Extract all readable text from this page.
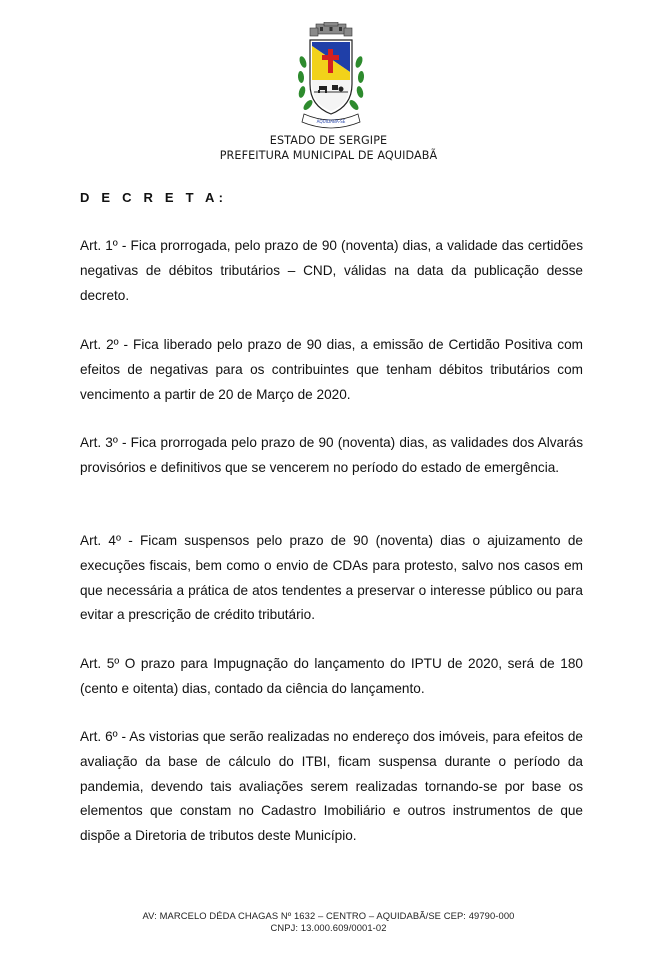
AQUIDABÃ-SE
ESTADO DE SERGIPE
PREFEITURA MUNICIPAL DE AQUIDABÃ
D E C R E T A:
Art. 1º - Fica prorrogada, pelo prazo de 90 (noventa) dias, a validade das certidões negativas de débitos tributários – CND, válidas na data da publicação desse decreto.
Art. 2º - Fica liberado pelo prazo de 90 dias, a emissão de Certidão Positiva com efeitos de negativas para os contribuintes que tenham débitos tributários com vencimento a partir de 20 de Março de 2020.
Art. 3º - Fica prorrogada pelo prazo de 90 (noventa) dias, as validades dos Alvarás provisórios e definitivos que se vencerem no período do estado de emergência.
Art. 4º - Ficam suspensos pelo prazo de 90 (noventa) dias o ajuizamento de execuções fiscais, bem como o envio de CDAs para protesto, salvo nos casos em que necessária a prática de atos tendentes a preservar o interesse público ou para evitar a prescrição de crédito tributário.
Art. 5º O prazo para Impugnação do lançamento do IPTU de 2020, será de 180 (cento e oitenta) dias, contado da ciência do lançamento.
Art. 6º - As vistorias que serão realizadas no endereço dos imóveis, para efeitos de avaliação da base de cálculo do ITBI, ficam suspensa durante o período da pandemia, devendo tais avaliações serem realizadas tornando-se por base os elementos que constam no Cadastro Imobiliário e outros instrumentos de que dispõe a Diretoria de tributos deste Município.
AV: MARCELO DÉDA CHAGAS Nº 1632 – CENTRO – AQUIDABÃ/SE CEP: 49790-000
CNPJ: 13.000.609/0001-02
